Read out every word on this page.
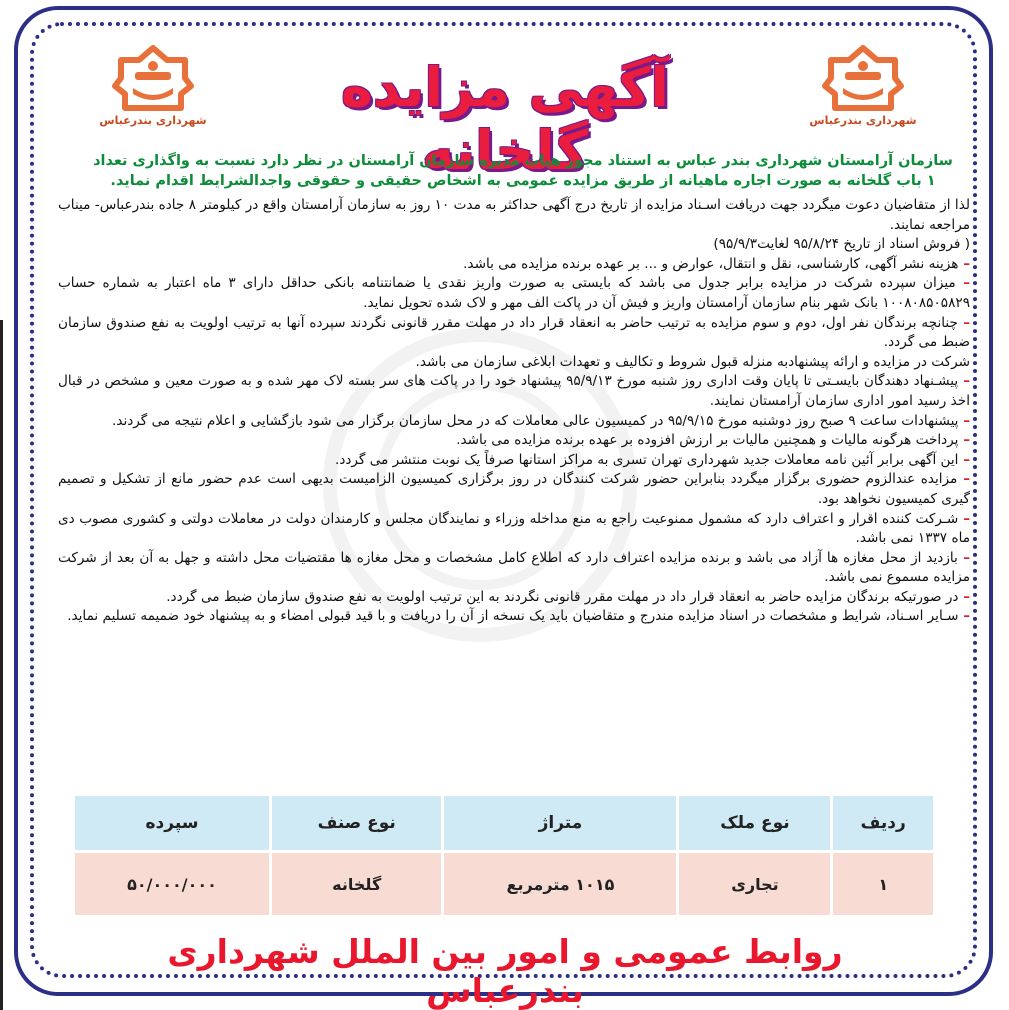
شهرداری بندرعباس
شهرداری بندرعباس
آگهی مزایده گلخانه
سازمان آرامستان شهرداری بندر عباس به استناد مجوز هیات مدیره سازمان آرامستان در نظر دارد نسبت به واگذاری تعداد ۱ باب گلخانه به صورت اجاره ماهیانه از طریق مزایده عمومی به اشخاص حقیقی و حقوقی واجدالشرایط اقدام نماید.

لذا از متقاضیان دعوت میگردد جهت دریافت اسـناد مزایده از تاریخ درج آگهی حداکثر به مدت ۱۰ روز به سازمان آرامستان واقع در کیلومتر ۸ جاده بندرعباس- میناب مراجعه نمایند.

( فروش اسناد از تاریخ ۹۵/۸/۲۴ لغایت۹۵/۹/۳)

– هزینه نشر آگهی، کارشناسی، نقل و انتقال، عوارض و ... بر عهده برنده مزایده می باشد.

– میزان سپرده شرکت در مزایده برابر جدول می باشد که بایستی به صورت واریز نقدی یا ضمانتنامه بانکی حداقل دارای ۳ ماه اعتبار به شماره حساب ۱۰۰۸۰۸۵۰۵۸۲۹ بانک شهر بنام سازمان آرامستان واریز و فیش آن در پاکت الف مهر و لاک شده تحویل نماید.

– چنانچه برندگان نفر اول، دوم و سوم مزایده به ترتیب حاضر به انعقاد قرار داد در مهلت مقرر قانونی نگردند سپرده آنها به ترتیب اولویت به نفع صندوق سازمان ضبط می گردد.

شرکت در مزایده و ارائه پیشنهادبه منزله قبول شروط و تکالیف و تعهدات ابلاغی سازمان می باشد.

– پیشـنهاد دهندگان بایسـتی تا پایان وقت اداری روز شنبه مورخ ۹۵/۹/۱۳ پیشنهاد خود را در پاکت های سر بسته لاک مهر شده و به صورت معین و مشخص در قبال اخذ رسید امور اداری سازمان آرامستان نمایند.

– پیشنهادات ساعت ۹ صبح روز دوشنبه مورخ ۹۵/۹/۱۵ در کمیسیون عالی معاملات که در محل سازمان برگزار می شود بازگشایی و اعلام نتیجه می گردند.

– پرداخت هرگونه مالیات و همچنین مالیات بر ارزش افزوده بر عهده برنده مزایده می باشد.

– این آگهی برابر آئین نامه معاملات جدید شهرداری تهران تسری به مراکز استانها صرفاً یک نوبت منتشر می گردد.

– مزایده عندالزوم حضوری برگزار میگردد بنابراین حضور شرکت کنندگان در روز برگزاری کمیسیون الزامیست بدیهی است عدم حضور مانع از تشکیل و تصمیم گیری کمیسیون نخواهد بود.

– شـرکت کننده اقرار و اعتراف دارد که مشمول ممنوعیت راجع به منع مداخله وزراء و نمایندگان مجلس و کارمندان دولت در معاملات دولتی و کشوری مصوب دی ماه ۱۳۳۷ نمی باشد.

– بازدید از محل مغازه ها آزاد می باشد و برنده مزایده اعتراف دارد که اطلاع کامل مشخصات و محل مغازه ها مقتضیات محل داشته و جهل به آن بعد از شرکت مزایده مسموع نمی باشد.

– در صورتیکه برندگان مزایده حاضر به انعقاد قرار داد در مهلت مقرر قانونی نگردند به این ترتیب اولویت به نفع صندوق سازمان ضبط می گردد.

– سـایر اسـناد، شرایط و مشخصات در اسناد مزایده مندرج و متقاضیان باید یک نسخه از آن را دریافت و با قید قبولی امضاء و به پیشنهاد خود ضمیمه تسلیم نماید.

ردیف	نوع ملک	متراژ	نوع صنف	سپرده
۱	تجاری	۱۰۱۵ مترمربع	گلخانه	۵۰/۰۰۰/۰۰۰
روابط عمومی و امور بین الملل شهرداری بندرعباس
